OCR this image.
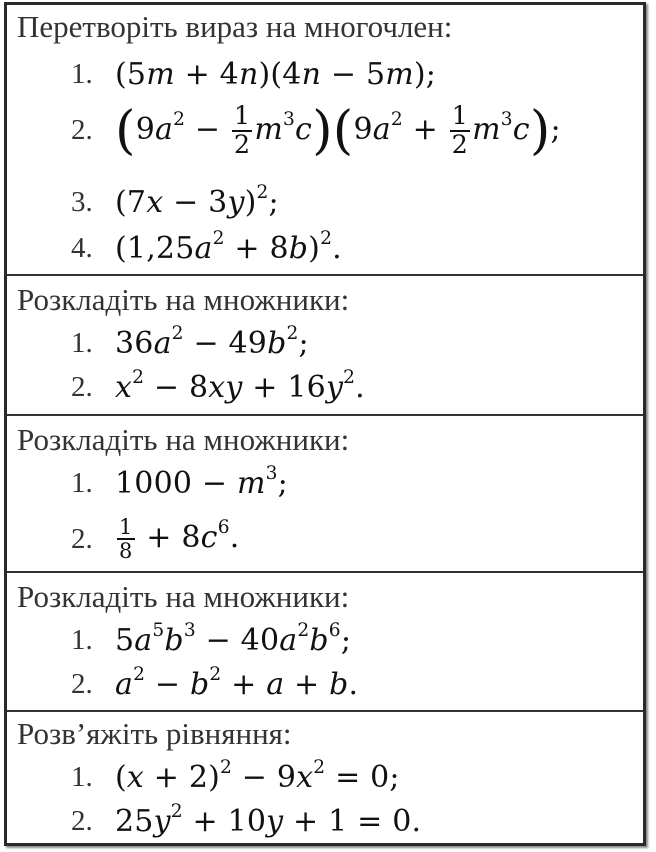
Перетворіть вираз на многочлен:
1. (5m + 4n)(4n − 5m);
2. $(9a^2 - \frac{1}{2} m^3c)(9a^2 + \frac{1}{2} m^3c)$;
3. $(7x - 3y)^2$;
4. $(1,25a^2 + 8b)^2$.
Розкладіть на множники:
1. $36a^2 - 49b^2$;
2. $x^2 - 8xy + 16y^2$.
Розкладіть на множники:
1. $1000 - m^3$;
2.	$\frac{1}{8} + 8c^6$.
Розкладіть на множники:
1. $5a^5b^3 - 40a^2b^6$;
2. $a^2 - b^2 + a + b$.
Розв’яжіть рівняння:
1. $(x + 2)^2 - 9x^2 = 0$;
2. $25y^2 + 10y + 1 = 0$.
